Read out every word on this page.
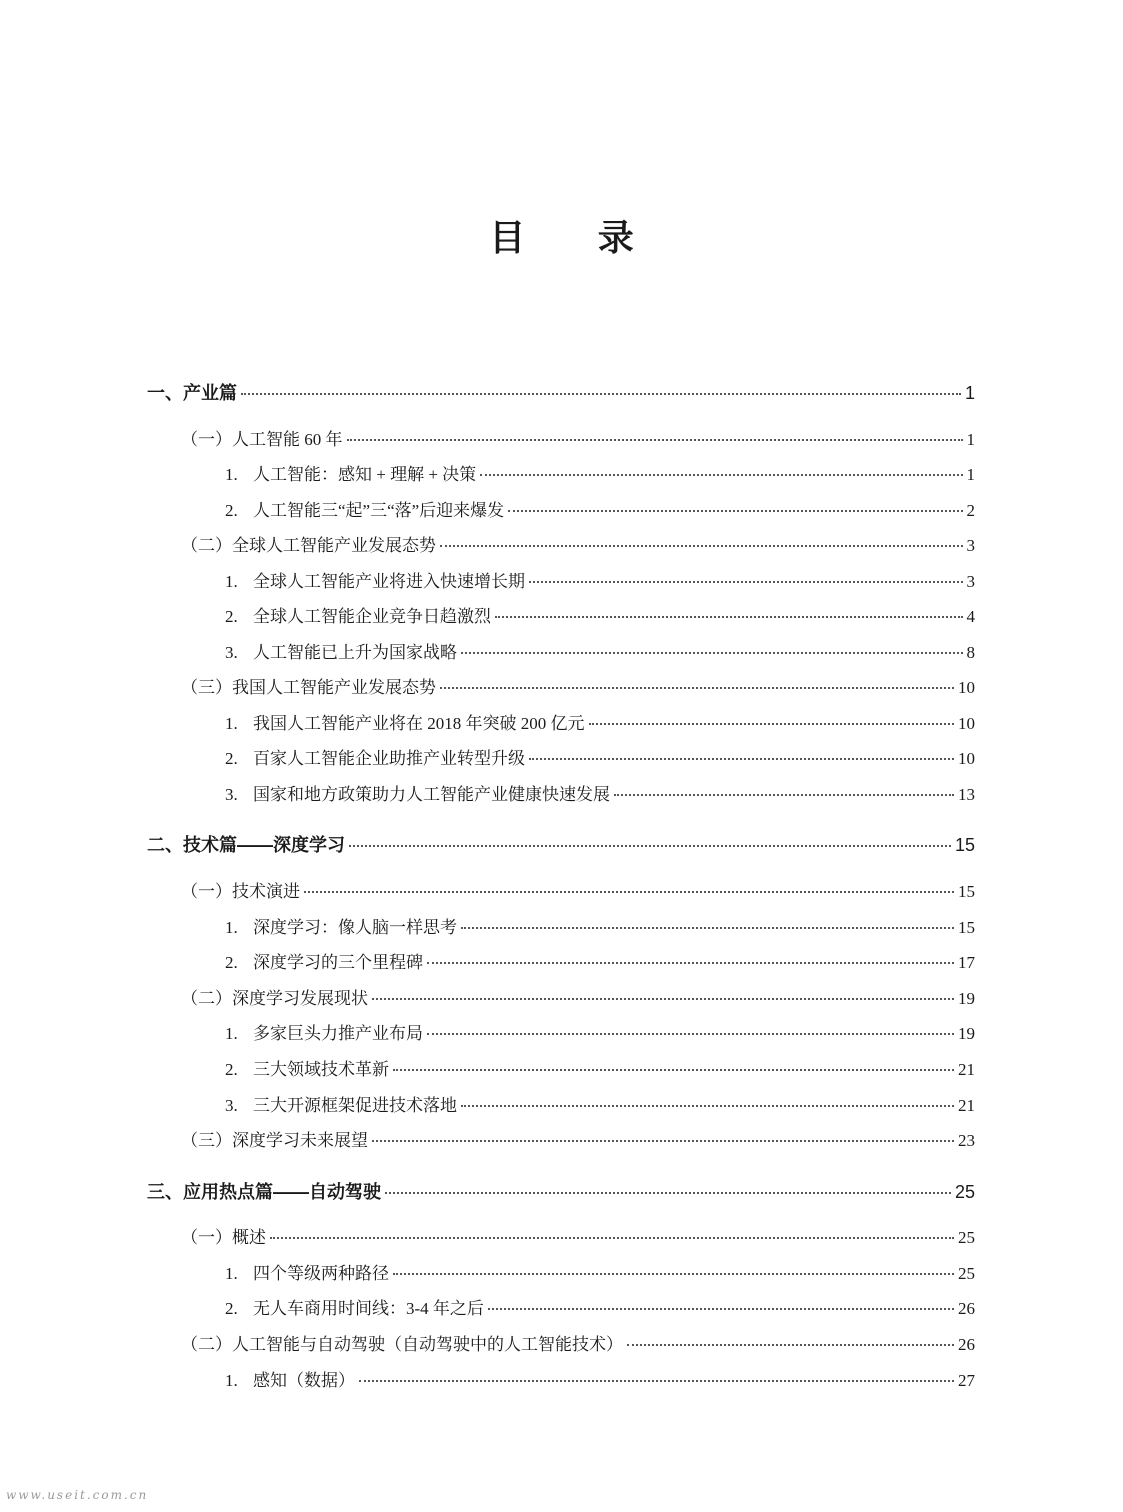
目 录
一、产业篇	1
（一）人工智能 60 年	1
1. 人工智能：感知 + 理解 + 决策	1
2. 人工智能三“起”三“落”后迎来爆发	2
（二）全球人工智能产业发展态势	3
1. 全球人工智能产业将进入快速增长期	3
2. 全球人工智能企业竞争日趋激烈	4
3. 人工智能已上升为国家战略	8
（三）我国人工智能产业发展态势	10
1. 我国人工智能产业将在 2018 年突破 200 亿元	10
2. 百家人工智能企业助推产业转型升级	10
3. 国家和地方政策助力人工智能产业健康快速发展	13
二、技术篇——深度学习	15
（一）技术演进	15
1. 深度学习：像人脑一样思考	15
2. 深度学习的三个里程碑	17
（二）深度学习发展现状	19
1. 多家巨头力推产业布局	19
2. 三大领域技术革新	21
3. 三大开源框架促进技术落地	21
（三）深度学习未来展望	23
三、应用热点篇——自动驾驶	25
（一）概述	25
1. 四个等级两种路径	25
2. 无人车商用时间线：3-4 年之后	26
（二）人工智能与自动驾驶（自动驾驶中的人工智能技术）	26
1. 感知（数据）	27
www.useit.com.cn
